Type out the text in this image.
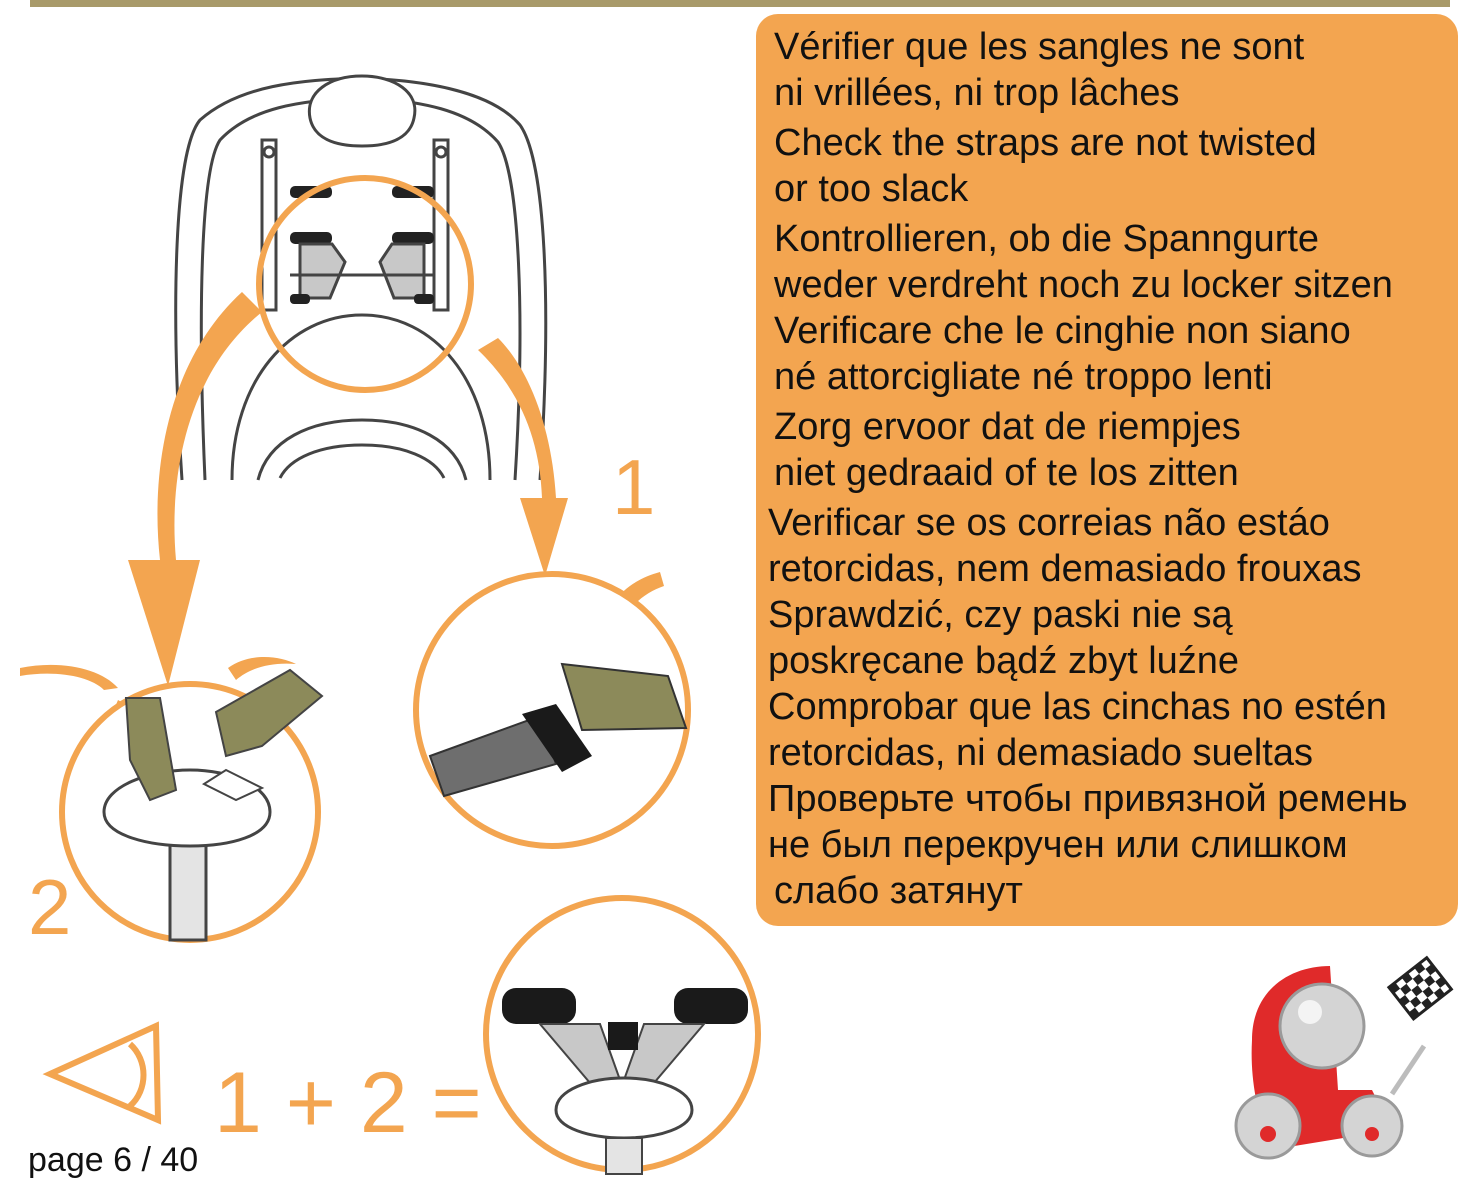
Vérifier que les sangles ne sont
ni vrillées, ni trop lâches

Check the straps are not twisted
or too slack

Kontrollieren, ob die Spanngurte
weder verdreht noch zu locker sitzen

Verificare che le cinghie non siano
né attorcigliate né troppo lenti

Zorg ervoor dat de riempjes
niet gedraaid of te los zitten

Verificar se os correias não estáo
retorcidas, nem demasiado frouxas

Sprawdzić, czy paski nie są
poskręcane bądź zbyt luźne

Comprobar que las cinchas no estén
retorcidas, ni demasiado sueltas

Проверьте чтобы привязной ремень
не был перекручен или слишком
слабо затянут

1
2
1 + 2 =
page 6 / 40
